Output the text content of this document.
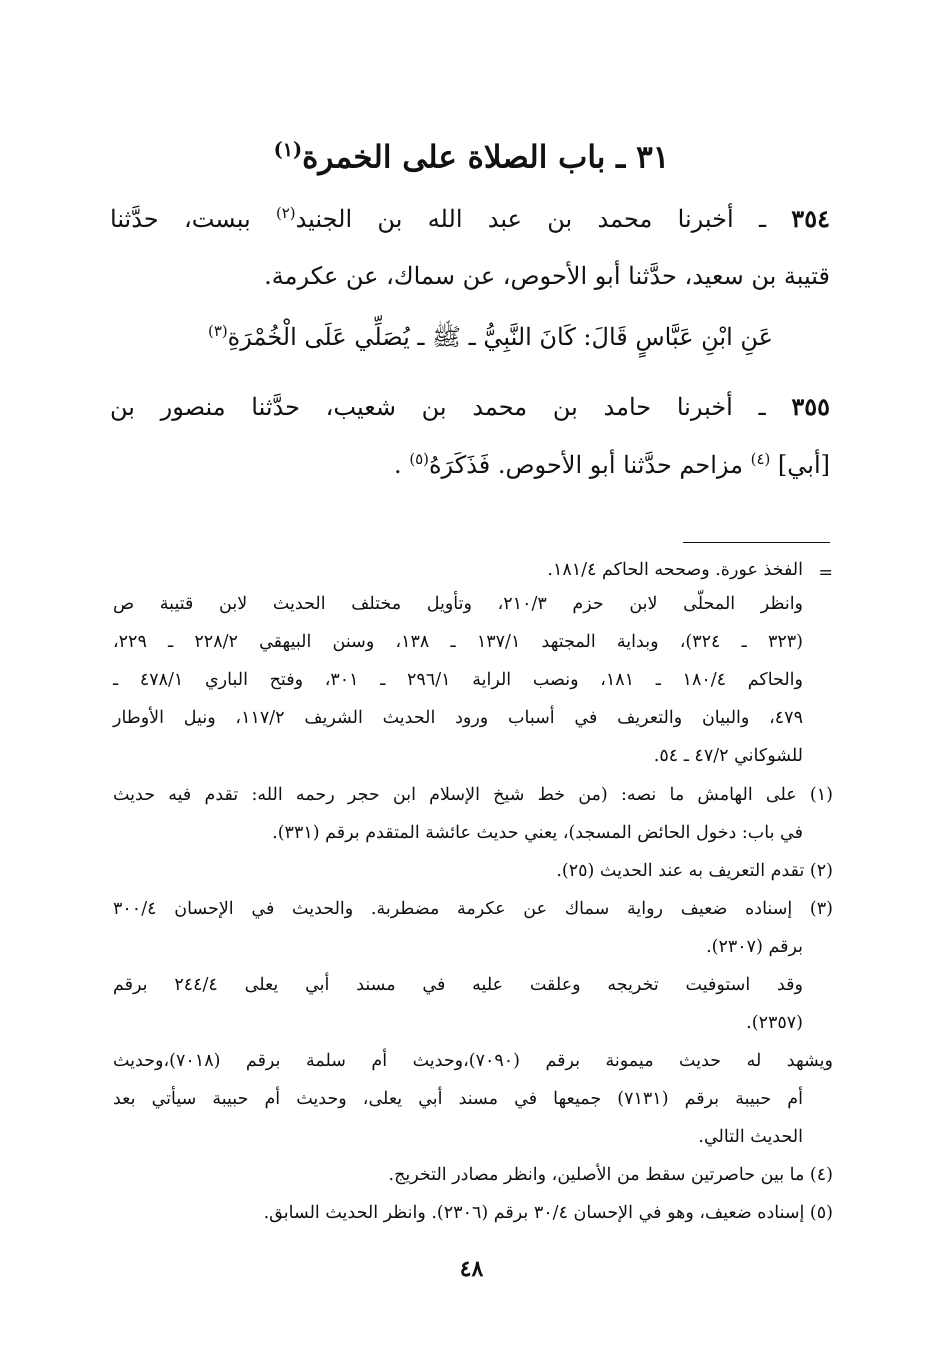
٣١ ـ باب الصلاة على الخمرة$^{(١)}$
٣٥٤ ـ أخبرنا محمد بن عبد الله بن الجنيد$^{(٢)}$ ببست، حدَّثنا
قتيبة بن سعيد، حدَّثنا أبو الأحوص، عن سماك، عن عكرمة.
عَنِ ابْنِ عَبَّاسٍ قَالَ: كَانَ النَّبِيُّ ـ ﷺ ـ يُصَلِّي عَلَى الْخُمْرَةِ$^{(٣)}$
٣٥٥ ـ أخبرنا حامد بن محمد بن شعيب، حدَّثنا منصور بن
[أبي] $^{(٤)}$ مزاحم حدَّثنا أبو الأحوص. فَذَكَرَهُ$^{(٥)}$ .
=
الفخذ عورة. وصححه الحاكم ١٨١/٤.
وانظر المحلّى لابن حزم ٢١٠/٣، وتأويل مختلف الحديث لابن قتيبة ص
(٣٢٣ ـ ٣٢٤)، وبداية المجتهد ١٣٧/١ ـ ١٣٨، وسنن البيهقي ٢٢٨/٢ ـ ٢٢٩،
والحاكم ١٨٠/٤ ـ ١٨١، ونصب الراية ٢٩٦/١ ـ ٣٠١، وفتح الباري ٤٧٨/١ ـ
٤٧٩، والبيان والتعريف في أسباب ورود الحديث الشريف ١١٧/٢، ونيل الأوطار
للشوكاني ٤٧/٢ ـ ٥٤.
(١) على الهامش ما نصه: (من خط شيخ الإسلام ابن حجر رحمه الله: تقدم فيه حديث
في باب: دخول الحائض المسجد)، يعني حديث عائشة المتقدم برقم (٣٣١).
(٢) تقدم التعريف به عند الحديث (٢٥).
(٣) إسناده ضعيف رواية سماك عن عكرمة مضطربة. والحديث في الإحسان ٣٠٠/٤
برقم (٢٣٠٧).
وقد استوفيت تخريجه وعلقت عليه في مسند أبي يعلى ٢٤٤/٤ برقم
(٢٣٥٧).
ويشهد له حديث ميمونة برقم (٧٠٩٠)،وحديث أم سلمة برقم (٧٠١٨)،وحديث
أم حبيبة برقم (٧١٣١) جميعها في مسند أبي يعلى، وحديث أم حبيبة سيأتي بعد
الحديث التالي.
(٤) ما بين حاصرتين سقط من الأصلين، وانظر مصادر التخريج.
(٥) إسناده ضعيف، وهو في الإحسان ٣٠/٤ برقم (٢٣٠٦). وانظر الحديث السابق.
٤٨
